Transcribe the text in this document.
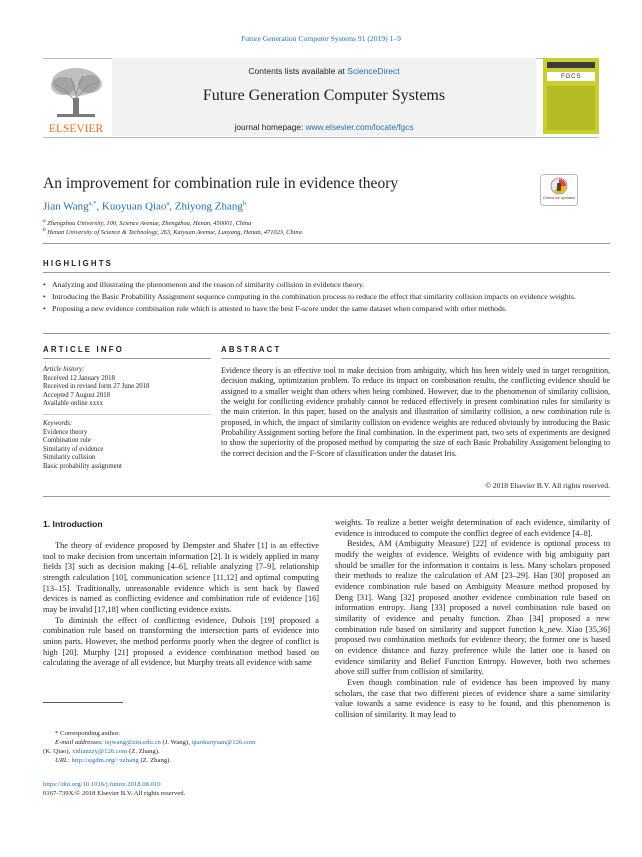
Future Generation Computer Systems 91 (2019) 1–9
ELSEVIER
Contents lists available at ScienceDirect
Future Generation Computer Systems
journal homepage: www.elsevier.com/locate/fgcs
FGCS
An improvement for combination rule in evidence theory
Check for updates
Jian Wang$^{a,*}$, Kuoyuan Qiao$^a$, Zhiyong Zhang$^b$
$^a$ Zhengzhou University, 100, Science Avenue, Zhengzhou, Henan, 450001, China
$^b$ Henan University of Science & Technology, 263, Kaiyuan Avenue, Luoyang, Henan, 471023, China
HIGHLIGHTS
• Analyzing and illustrating the phenomenon and the reason of similarity collision in evidence theory.
• Introducing the Basic Probability Assignment sequence computing in the combination process to reduce the effect that similarity collision impacts on evidence weights.
• Proposing a new evidence combination rule which is attested to have the best F-score under the same dataset when compared with other methods.
ARTICLE INFO	ABSTRACT
Article history:
Received 12 January 2018
Received in revised form 27 June 2018
Accepted 7 August 2018
Available online xxxx
Keywords:
Evidence theory
Combination rule
Similarity of evidence
Similarity collision
Basic probability assignment
Evidence theory is an effective tool to make decision from ambiguity, which has been widely used in target recognition, decision making, optimization problem. To reduce its impact on combination results, the conflicting evidence should be assigned to a smaller weight than others when being combined. However, due to the phenomenon of similarity collision, the weight for conflicting evidence probably cannot be reduced effectively in present combination rules for similarity is the main criterion. In this paper, based on the analysis and illustration of similarity collision, a new combination rule is proposed, in which, the impact of similarity collision on evidence weights are reduced obviously by introducing the Basic Probability Assignment sorting before the final combination. In the experiment part, two sets of experiments are designed to show the superiority of the proposed method by comparing the size of each Basic Probability Assignment belonging to the correct decision and the F-Score of classification under the dataset Iris.
© 2018 Elsevier B.V. All rights reserved.
1. Introduction

The theory of evidence proposed by Dempster and Shafer [1] is an effective tool to make decision from uncertain information [2]. It is widely applied in many fields [3] such as decision making [4–6], reliable analyzing [7–9], relationship strength calculation [10], communication science [11,12] and optimal computing [13–15]. Traditionally, unreasonable evidence which is sent back by flawed devices is named as conflicting evidence and combination rule of evidence [16] may be invalid [17,18] when conflicting evidence exists.

To diminish the effect of conflicting evidence, Dubois [19] proposed a combination rule based on transforming the intersection parts of evidence into union parts. However, the method performs poorly when the degree of conflict is high [20]. Murphy [21] proposed a evidence combination method based on calculating the average of all evidence, but Murphy treats all evidence with same

weights. To realize a better weight determination of each evidence, similarity of evidence is introduced to compute the conflict degree of each evidence [4–8].

Besides, AM (Ambiguity Measure) [22] of evidence is optional process to modify the weights of evidence. Weights of evidence with big ambiguity part should be smaller for the information it contains is less. Many scholars proposed their methods to realize the calculation of AM [23–29]. Han [30] proposed an evidence combination rule based on Ambiguity Measure method proposed by Deng [31]. Wang [32] proposed another evidence combination rule based on information entropy. Jiang [33] proposed a novel combination rule based on similarity of evidence and penalty function. Zhao [34] proposed a new combination rule based on similarity and support function k_new. Xiao [35,36] proposed two combination methods for evidence theory, the former one is based on evidence distance and fuzzy preference while the latter one is based on evidence similarity and Belief Function Entropy. However, both two schemes above still suffer from collision of similarity.

Even though combination rule of evidence has been improved by many scholars, the case that two different pieces of evidence share a same similarity value towards a same evidence is easy to be found, and this phenomenon is collision of similarity. It may lead to

* Corresponding author.
E-mail addresses: iejwang@zzu.edu.cn (J. Wang), qiaokuoyuan@126.com
(K. Qiao), xidianzzy@126.com (Z. Zhang).
URL: http://sigdm.org/~zzhang (Z. Zhang).
https://doi.org/10.1016/j.future.2018.08.010
0167-739X/© 2018 Elsevier B.V. All rights reserved.
